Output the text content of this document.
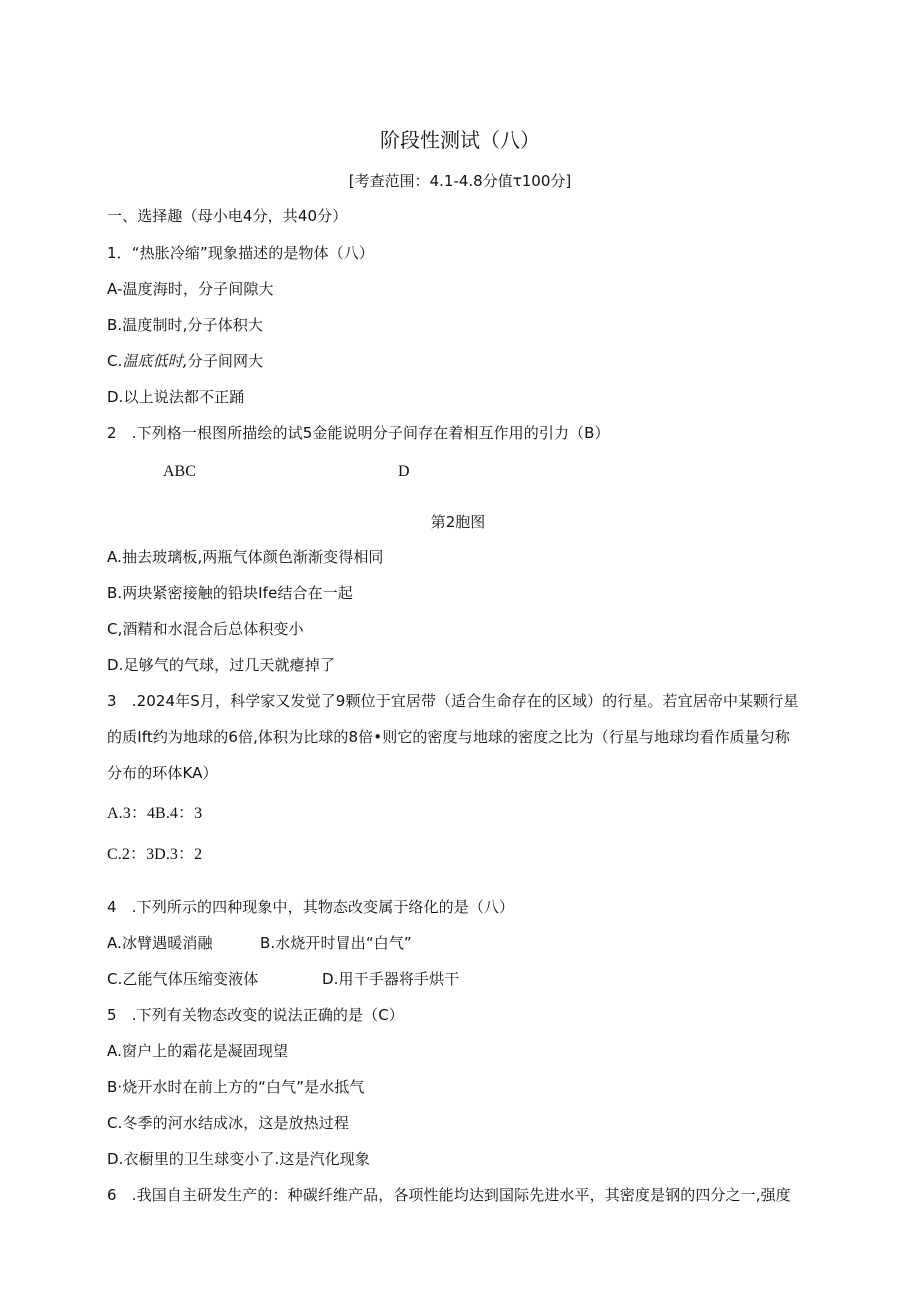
阶段性测试（八）
[考查范围：4.1-4.8分值τ100分]
一、选择趣（母小电4分，共40分）
1．“热胀冷缩”现象描述的是物体（八）
A-温度海时，分子间隙大
B.温度制时,分子体积大
C.温底低时,分子间网大
D.以上说法都不正踊
2　.下列格一根图所描绘的试5金能说明分子间存在着相互作用的引力（B）
ABC	D
第2胞图
A.抽去玻璃板,两瓶气体颜色渐渐变得相同
B.两块紧密接触的铅块Ife结合在一起
C,酒精和水混合后总体积变小
D.足够气的气球，过几天就瘪掉了
3　.2024年S月，科学家又发觉了9颗位于宜居带（适合生命存在的区域）的行星。若宜居帝中某颗行星
的质Ift约为地球的6倍,体积为比球的8倍•则它的密度与地球的密度之比为（行星与地球均看作质量匀称
分布的环体KA）
A.3：4B.4：3
C.2：3D.3：2
4　.下列所示的四种现象中，其物态改变属于络化的是（八）
A.冰臂遇暖消融	B.水烧开时冒出“白气”
C.乙能气体压缩变液体	D.用干手器将手烘干
5　.下列有关物态改变的说法正确的是（C）
A.窗户上的霜花是凝固现望
B·烧开水时在前上方的“白气”是水抵气
C.冬季的河水结成冰，这是放热过程
D.衣橱里的卫生球变小了.这是汽化现象
6　.我国自主研发生产的：种碳纤维产品，各项性能均达到国际先进水平，其密度是钢的四分之一,强度
